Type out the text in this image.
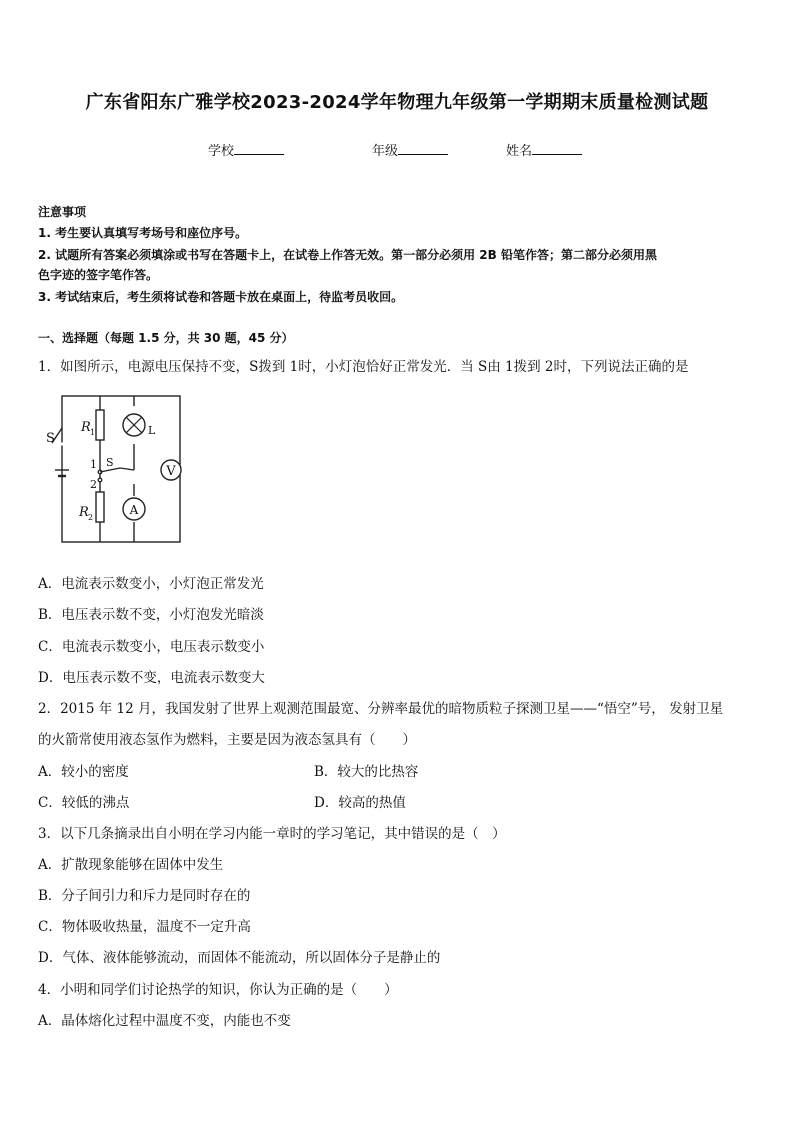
广东省阳东广雅学校2023-2024学年物理九年级第一学期期末质量检测试题
学校	年级	姓名
注意事项
1. 考生要认真填写考场号和座位序号。
2. 试题所有答案必须填涂或书写在答题卡上，在试卷上作答无效。第一部分必须用 2B 铅笔作答；第二部分必须用黑
色字迹的签字笔作答。
3. 考试结束后，考生须将试卷和答题卡放在桌面上，待监考员收回。
一、选择题（每题 1.5 分，共 30 题，45 分）
1．如图所示，电源电压保持不变，S拨到 1时，小灯泡恰好正常发光．当 S由 1拨到 2时，下列说法正确的是
V
A
S
R 1
R 2
L
S
1
2
A．电流表示数变小，小灯泡正常发光
B．电压表示数不变，小灯泡发光暗淡
C．电流表示数变小，电压表示数变小
D．电压表示数不变，电流表示数变大
2．2015 年 12 月，我国发射了世界上观测范围最宽、分辨率最优的暗物质粒子探测卫星——“悟空”号， 发射卫星
的火箭常使用液态氢作为燃料，主要是因为液态氢具有（　　）
A．较小的密度	B．较大的比热容
C．较低的沸点	D．较高的热值
3．以下几条摘录出自小明在学习内能一章时的学习笔记，其中错误的是（　）
A．扩散现象能够在固体中发生
B．分子间引力和斥力是同时存在的
C．物体吸收热量，温度不一定升高
D．气体、液体能够流动，而固体不能流动，所以固体分子是静止的
4．小明和同学们讨论热学的知识，你认为正确的是（　　）
A．晶体熔化过程中温度不变，内能也不变
